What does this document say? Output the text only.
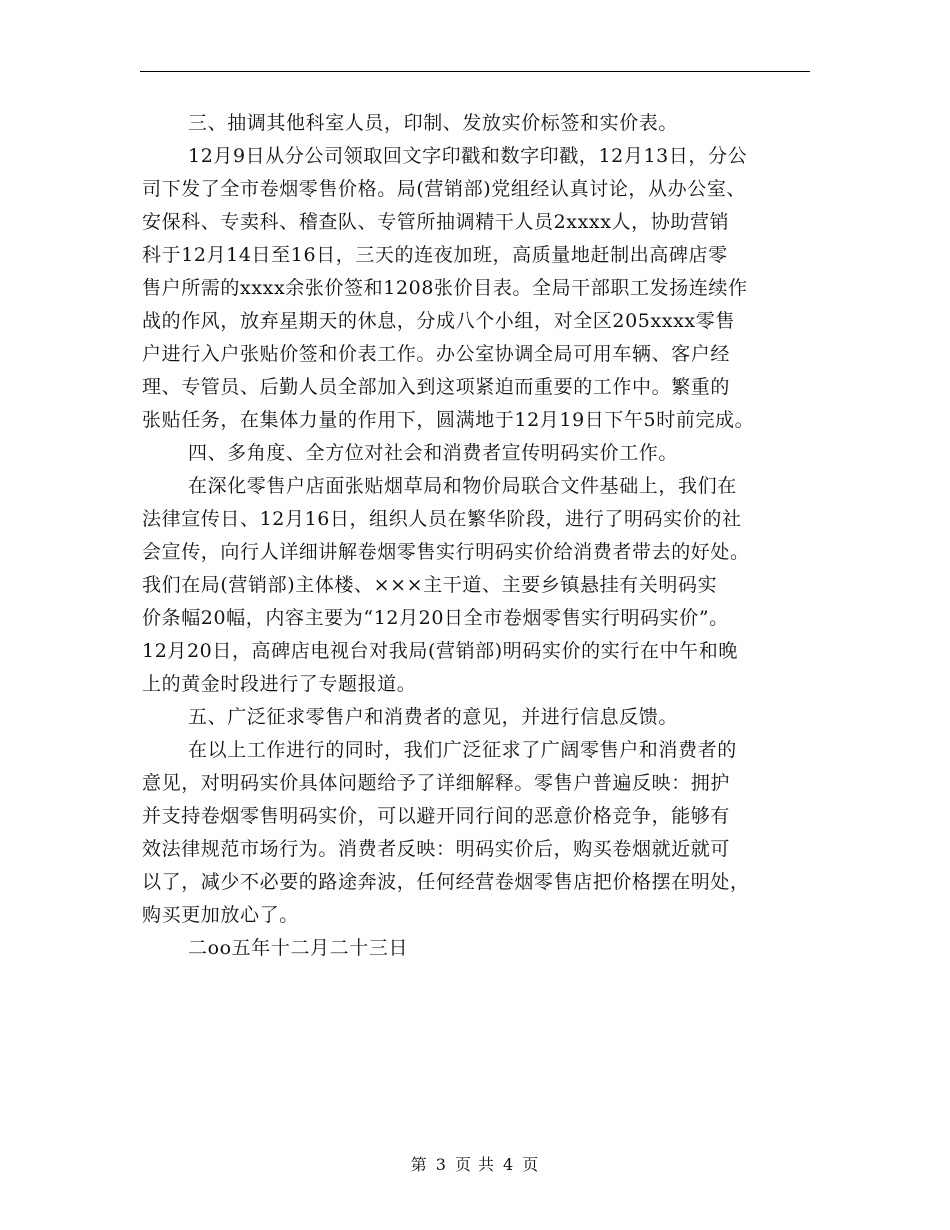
三、抽调其他科室人员，印制、发放实价标签和实价表。
12月9日从分公司领取回文字印戳和数字印戳，12月13日，分公
司下发了全市卷烟零售价格。局(营销部)党组经认真讨论，从办公室、
安保科、专卖科、稽查队、专管所抽调精干人员2xxxx人，协助营销
科于12月14日至16日，三天的连夜加班，高质量地赶制出高碑店零
售户所需的xxxx余张价签和1208张价目表。全局干部职工发扬连续作
战的作风，放弃星期天的休息，分成八个小组，对全区205xxxx零售
户进行入户张贴价签和价表工作。办公室协调全局可用车辆、客户经
理、专管员、后勤人员全部加入到这项紧迫而重要的工作中。繁重的
张贴任务，在集体力量的作用下，圆满地于12月19日下午5时前完成。
四、多角度、全方位对社会和消费者宣传明码实价工作。
在深化零售户店面张贴烟草局和物价局联合文件基础上，我们在
法律宣传日、12月16日，组织人员在繁华阶段，进行了明码实价的社
会宣传，向行人详细讲解卷烟零售实行明码实价给消费者带去的好处。
我们在局(营销部)主体楼、×××主干道、主要乡镇悬挂有关明码实
价条幅20幅，内容主要为“12月20日全市卷烟零售实行明码实价”。
12月20日，高碑店电视台对我局(营销部)明码实价的实行在中午和晚
上的黄金时段进行了专题报道。
五、广泛征求零售户和消费者的意见，并进行信息反馈。
在以上工作进行的同时，我们广泛征求了广阔零售户和消费者的
意见，对明码实价具体问题给予了详细解释。零售户普遍反映：拥护
并支持卷烟零售明码实价，可以避开同行间的恶意价格竞争，能够有
效法律规范市场行为。消费者反映：明码实价后，购买卷烟就近就可
以了，减少不必要的路途奔波，任何经营卷烟零售店把价格摆在明处，
购买更加放心了。
二oo五年十二月二十三日
第 3 页 共 4 页
